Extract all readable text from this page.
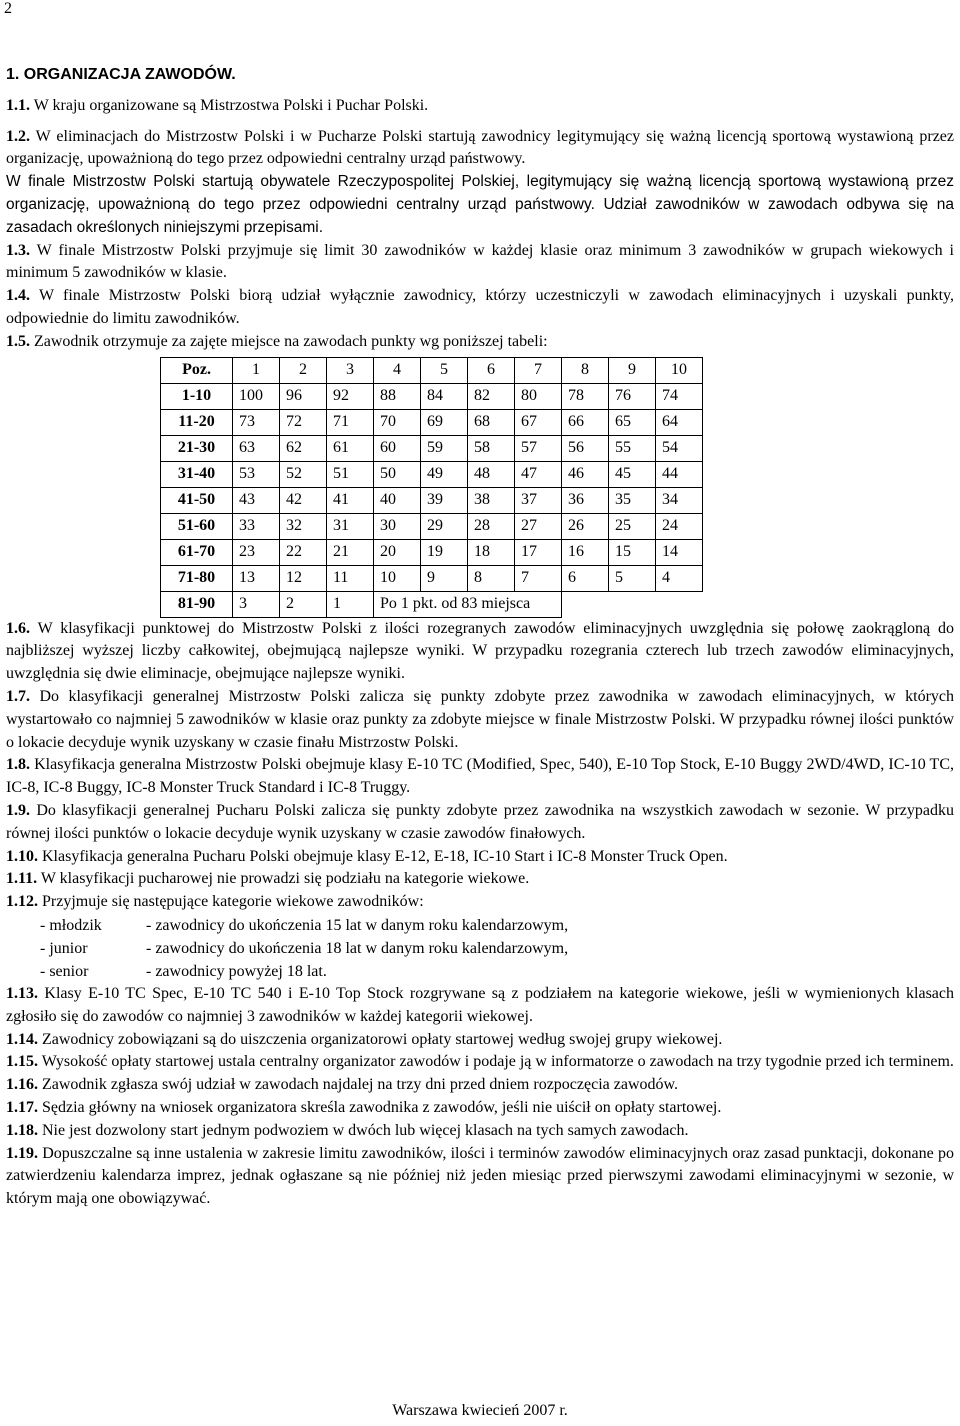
2

1. ORGANIZACJA ZAWODÓW.

1.1. W kraju organizowane są Mistrzostwa Polski i Puchar Polski.

1.2. W eliminacjach do Mistrzostw Polski i w Pucharze Polski startują zawodnicy legitymujący się ważną licencją sportową wystawioną przez organizację, upoważnioną do tego przez odpowiedni centralny urząd państwowy.

W finale Mistrzostw Polski startują obywatele Rzeczypospolitej Polskiej, legitymujący się ważną licencją sportową wystawioną przez organizację, upoważnioną do tego przez odpowiedni centralny urząd państwowy. Udział zawodników w zawodach odbywa się na zasadach określonych niniejszymi przepisami.

1.3. W finale Mistrzostw Polski przyjmuje się limit 30 zawodników w każdej klasie oraz minimum 3 zawodników w grupach wiekowych i minimum 5 zawodników w klasie.

1.4. W finale Mistrzostw Polski biorą udział wyłącznie zawodnicy, którzy uczestniczyli w zawodach eliminacyjnych i uzyskali punkty, odpowiednie do limitu zawodników.

1.5. Zawodnik otrzymuje za zajęte miejsce na zawodach punkty wg poniższej tabeli:

Poz.	1	2	3	4	5	6	7	8	9	10
1-10	100	96	92	88	84	82	80	78	76	74
11-20	73	72	71	70	69	68	67	66	65	64
21-30	63	62	61	60	59	58	57	56	55	54
31-40	53	52	51	50	49	48	47	46	45	44
41-50	43	42	41	40	39	38	37	36	35	34
51-60	33	32	31	30	29	28	27	26	25	24
61-70	23	22	21	20	19	18	17	16	15	14
71-80	13	12	11	10	9	8	7	6	5	4
81-90	3	2	1	Po 1 pkt. od 83 miejsca						

1.6. W klasyfikacji punktowej do Mistrzostw Polski z ilości rozegranych zawodów eliminacyjnych uwzględnia się połowę zaokrągloną do najbliższej wyższej liczby całkowitej, obejmującą najlepsze wyniki. W przypadku rozegrania czterech lub trzech zawodów eliminacyjnych, uwzględnia się dwie eliminacje, obejmujące najlepsze wyniki.

1.7. Do klasyfikacji generalnej Mistrzostw Polski zalicza się punkty zdobyte przez zawodnika w zawodach eliminacyjnych, w których wystartowało co najmniej 5 zawodników w klasie oraz punkty za zdobyte miejsce w finale Mistrzostw Polski. W przypadku równej ilości punktów o lokacie decyduje wynik uzyskany w czasie finału Mistrzostw Polski.

1.8. Klasyfikacja generalna Mistrzostw Polski obejmuje klasy E-10 TC (Modified, Spec, 540), E-10 Top Stock, E-10 Buggy 2WD/4WD, IC-10 TC, IC-8, IC-8 Buggy, IC-8 Monster Truck Standard i IC-8 Truggy.

1.9. Do klasyfikacji generalnej Pucharu Polski zalicza się punkty zdobyte przez zawodnika na wszystkich zawodach w sezonie. W przypadku równej ilości punktów o lokacie decyduje wynik uzyskany w czasie zawodów finałowych.

1.10. Klasyfikacja generalna Pucharu Polski obejmuje klasy E-12, E-18, IC-10 Start i IC-8 Monster Truck Open.

1.11. W klasyfikacji pucharowej nie prowadzi się podziału na kategorie wiekowe.

1.12. Przyjmuje się następujące kategorie wiekowe zawodników:

- młodzik	- zawodnicy do ukończenia 15 lat w danym roku kalendarzowym,
- junior	- zawodnicy do ukończenia 18 lat w danym roku kalendarzowym,
- senior	- zawodnicy powyżej 18 lat.

1.13. Klasy E-10 TC Spec, E-10 TC 540 i E-10 Top Stock rozgrywane są z podziałem na kategorie wiekowe, jeśli w wymienionych klasach zgłosiło się do zawodów co najmniej 3 zawodników w każdej kategorii wiekowej.

1.14. Zawodnicy zobowiązani są do uiszczenia organizatorowi opłaty startowej według swojej grupy wiekowej.

1.15. Wysokość opłaty startowej ustala centralny organizator zawodów i podaje ją w informatorze o zawodach na trzy tygodnie przed ich terminem.

1.16. Zawodnik zgłasza swój udział w zawodach najdalej na trzy dni przed dniem rozpoczęcia zawodów.

1.17. Sędzia główny na wniosek organizatora skreśla zawodnika z zawodów, jeśli nie uiścił on opłaty startowej.

1.18. Nie jest dozwolony start jednym podwoziem w dwóch lub więcej klasach na tych samych zawodach.

1.19. Dopuszczalne są inne ustalenia w zakresie limitu zawodników, ilości i terminów zawodów eliminacyjnych oraz zasad punktacji, dokonane po zatwierdzeniu kalendarza imprez, jednak ogłaszane są nie później niż jeden miesiąc przed pierwszymi zawodami eliminacyjnymi w sezonie, w którym mają one obowiązywać.

Warszawa kwiecień 2007 r.
